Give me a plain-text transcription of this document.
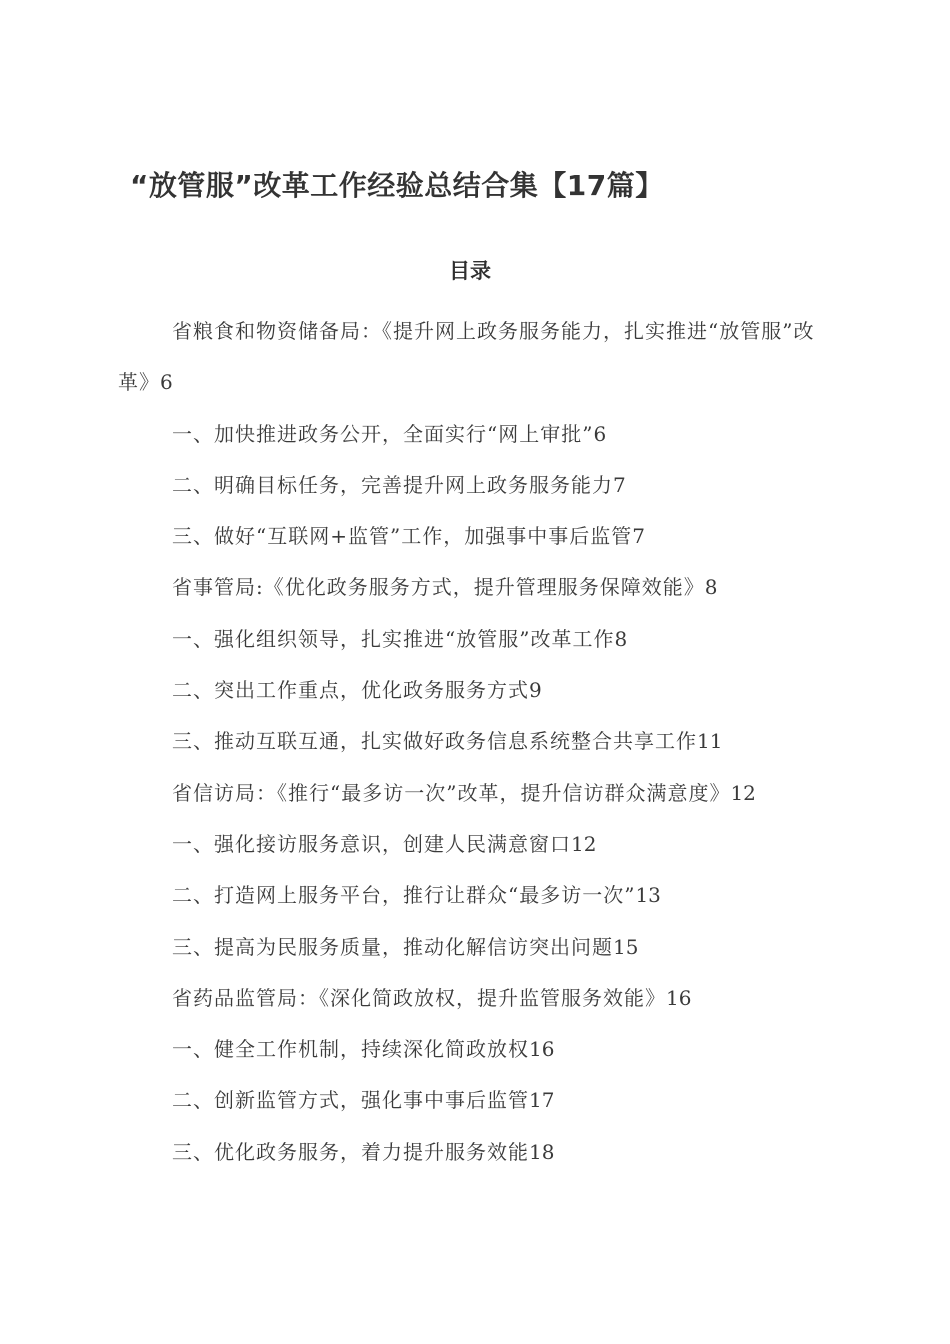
“放管服”改革工作经验总结合集【17篇】
目录
省粮食和物资储备局：《提升网上政务服务能力，扎实推进“放管服”改革》6
一、加快推进政务公开，全面实行“网上审批”6
二、明确目标任务，完善提升网上政务服务能力7
三、做好“互联网+监管”工作，加强事中事后监管7
省事管局:《优化政务服务方式，提升管理服务保障效能》8
一、强化组织领导，扎实推进“放管服”改革工作8
二、突出工作重点，优化政务服务方式9
三、推动互联互通，扎实做好政务信息系统整合共享工作11
省信访局：《推行“最多访一次”改革，提升信访群众满意度》12
一、强化接访服务意识，创建人民满意窗口12
二、打造网上服务平台，推行让群众“最多访一次”13
三、提高为民服务质量，推动化解信访突出问题15
省药品监管局：《深化简政放权，提升监管服务效能》16
一、健全工作机制，持续深化简政放权16
二、创新监管方式，强化事中事后监管17
三、优化政务服务，着力提升服务效能18
